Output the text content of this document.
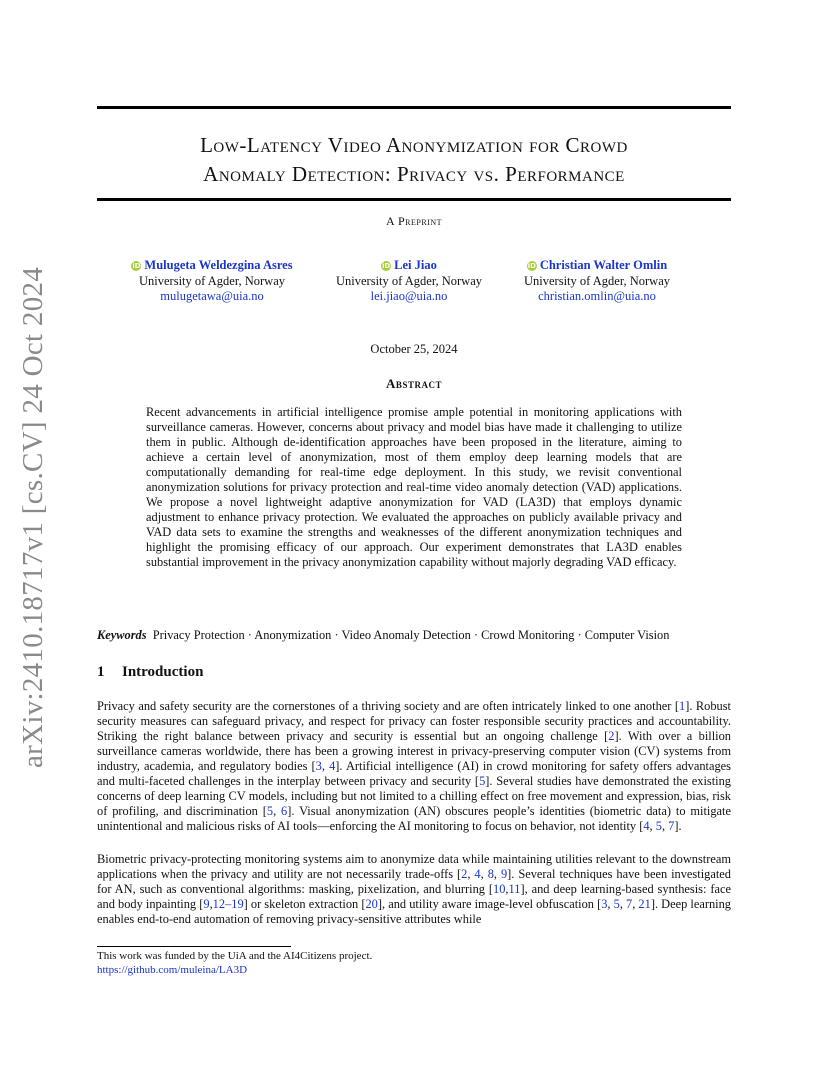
arXiv:2410.18717v1 [cs.CV] 24 Oct 2024
Low-Latency Video Anonymization for Crowd
Anomaly Detection: Privacy vs. Performance
A Preprint
iD Mulugeta Weldezgina Asres
University of Agder, Norway
mulugetawa@uia.no
iD Lei Jiao
University of Agder, Norway
lei.jiao@uia.no
iD Christian Walter Omlin
University of Agder, Norway
christian.omlin@uia.no
October 25, 2024
Abstract
Recent advancements in artificial intelligence promise ample potential in monitoring applications with surveillance cameras. However, concerns about privacy and model bias have made it challenging to utilize them in public. Although de-identification approaches have been proposed in the literature, aiming to achieve a certain level of anonymization, most of them employ deep learning models that are computationally demanding for real-time edge deployment. In this study, we revisit conventional anonymization solutions for privacy protection and real-time video anomaly detection (VAD) applications. We propose a novel lightweight adaptive anonymization for VAD (LA3D) that employs dynamic adjustment to enhance privacy protection. We evaluated the approaches on publicly available privacy and VAD data sets to examine the strengths and weaknesses of the different anonymization techniques and highlight the promising efficacy of our approach. Our experiment demonstrates that LA3D enables substantial improvement in the privacy anonymization capability without majorly degrading VAD efficacy.
Keywords Privacy Protection · Anonymization · Video Anomaly Detection · Crowd Monitoring · Computer Vision
1 Introduction
Privacy and safety security are the cornerstones of a thriving society and are often intricately linked to one another [1]. Robust security measures can safeguard privacy, and respect for privacy can foster responsible security practices and accountability. Striking the right balance between privacy and security is essential but an ongoing challenge [2]. With over a billion surveillance cameras worldwide, there has been a growing interest in privacy-preserving computer vision (CV) systems from industry, academia, and regulatory bodies [3, 4]. Artificial intelligence (AI) in crowd monitoring for safety offers advantages and multi-faceted challenges in the interplay between privacy and security [5]. Several studies have demonstrated the existing concerns of deep learning CV models, including but not limited to a chilling effect on free movement and expression, bias, risk of profiling, and discrimination [5, 6]. Visual anonymization (AN) obscures people’s identities (biometric data) to mitigate unintentional and malicious risks of AI tools—enforcing the AI monitoring to focus on behavior, not identity [4, 5, 7].
Biometric privacy-protecting monitoring systems aim to anonymize data while maintaining utilities relevant to the downstream applications when the privacy and utility are not necessarily trade-offs [2, 4, 8, 9]. Several techniques have been investigated for AN, such as conventional algorithms: masking, pixelization, and blurring [10,11], and deep learning-based synthesis: face and body inpainting [9,12–19] or skeleton extraction [20], and utility aware image-level obfuscation [3, 5, 7, 21]. Deep learning enables end-to-end automation of removing privacy-sensitive attributes while
This work was funded by the UiA and the AI4Citizens project.
https://github.com/muleina/LA3D
